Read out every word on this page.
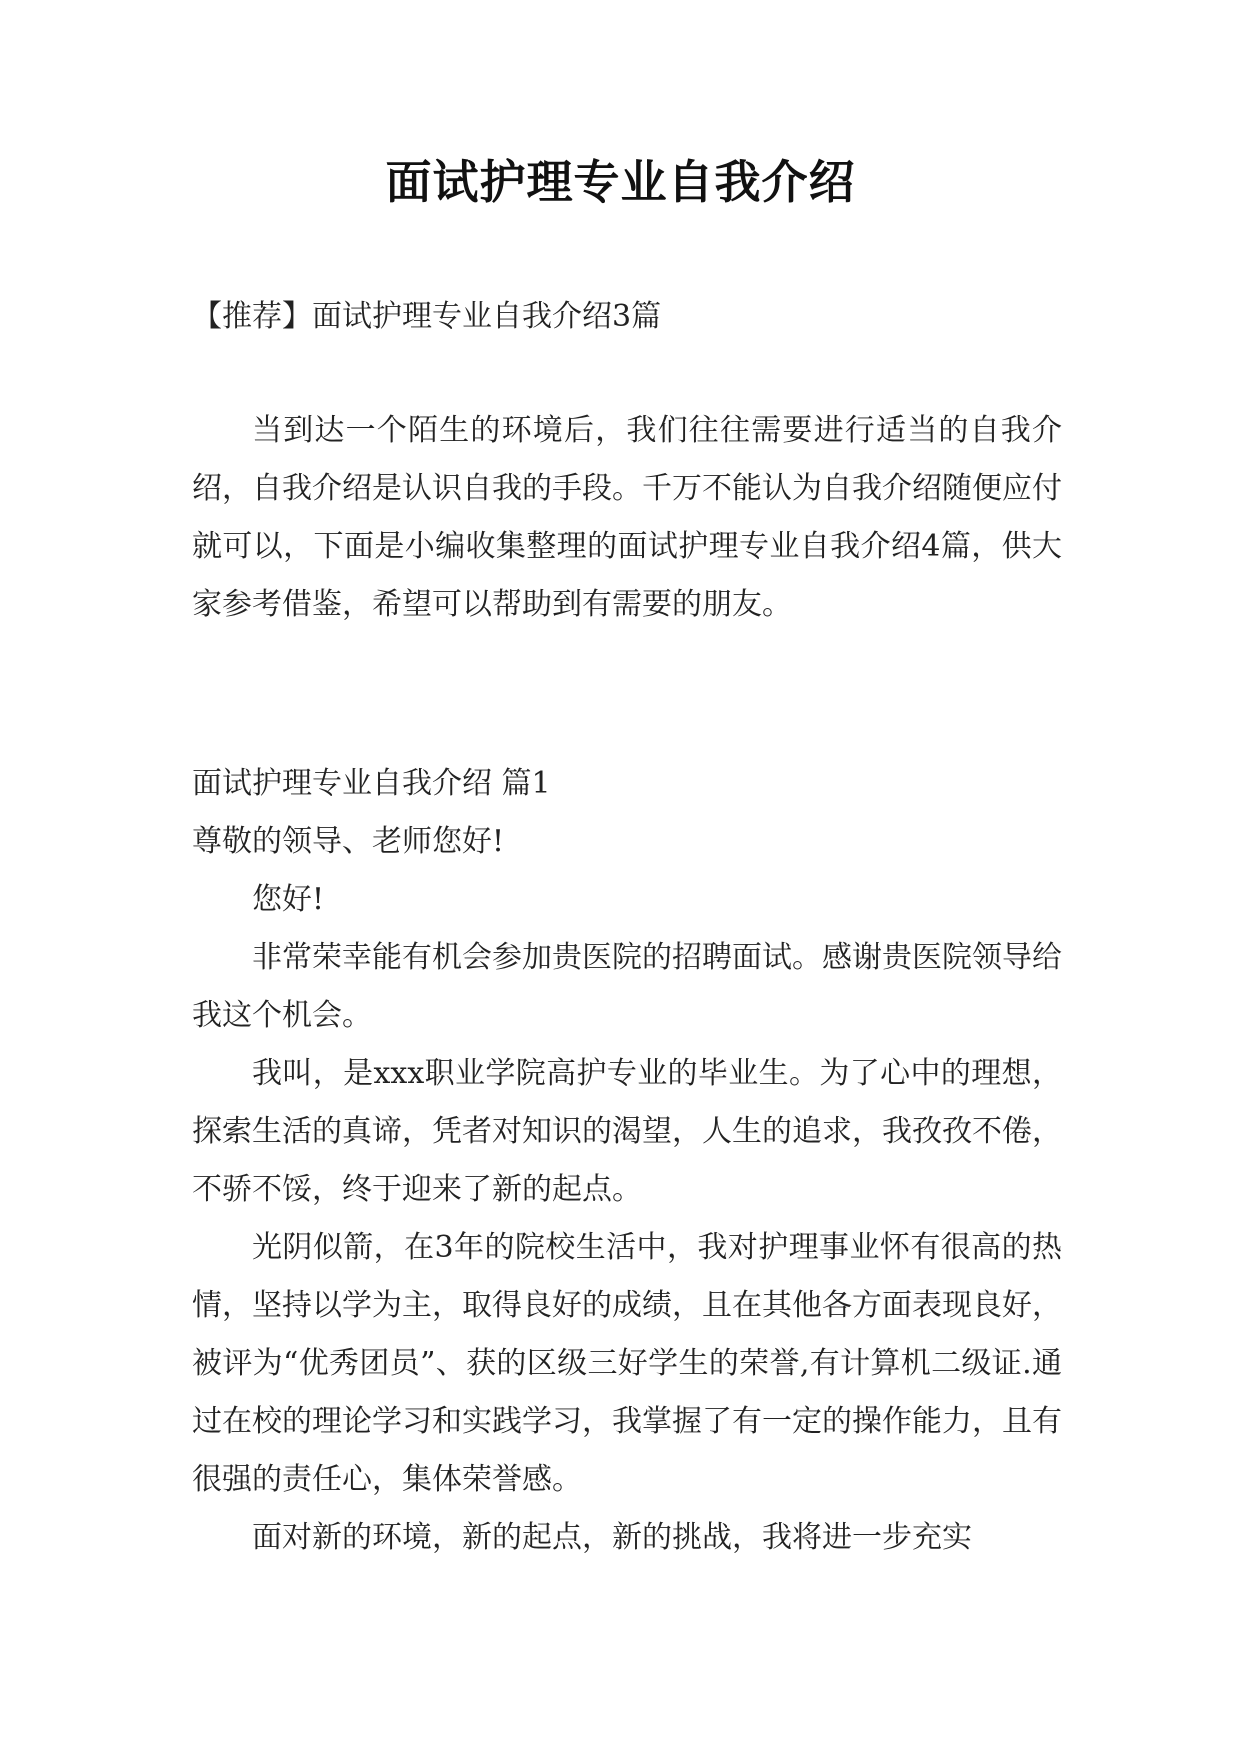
面试护理专业自我介绍
【推荐】面试护理专业自我介绍3篇
当到达一个陌生的环境后，我们往往需要进行适当的自我介绍，自我介绍是认识自我的手段。千万不能认为自我介绍随便应付就可以，下面是小编收集整理的面试护理专业自我介绍4篇，供大家参考借鉴，希望可以帮助到有需要的朋友。

面试护理专业自我介绍 篇1

尊敬的领导、老师您好!

您好!

非常荣幸能有机会参加贵医院的招聘面试。感谢贵医院领导给我这个机会。

我叫，是xxx职业学院高护专业的毕业生。为了心中的理想，探索生活的真谛，凭者对知识的渴望，人生的追求，我孜孜不倦，不骄不馁，终于迎来了新的起点。

光阴似箭，在3年的院校生活中，我对护理事业怀有很高的热情，坚持以学为主，取得良好的成绩，且在其他各方面表现良好，被评为“优秀团员”、获的区级三好学生的荣誉,有计算机二级证.通过在校的理论学习和实践学习，我掌握了有一定的操作能力，且有很强的责任心，集体荣誉感。

面对新的环境，新的起点，新的挑战，我将进一步充实
